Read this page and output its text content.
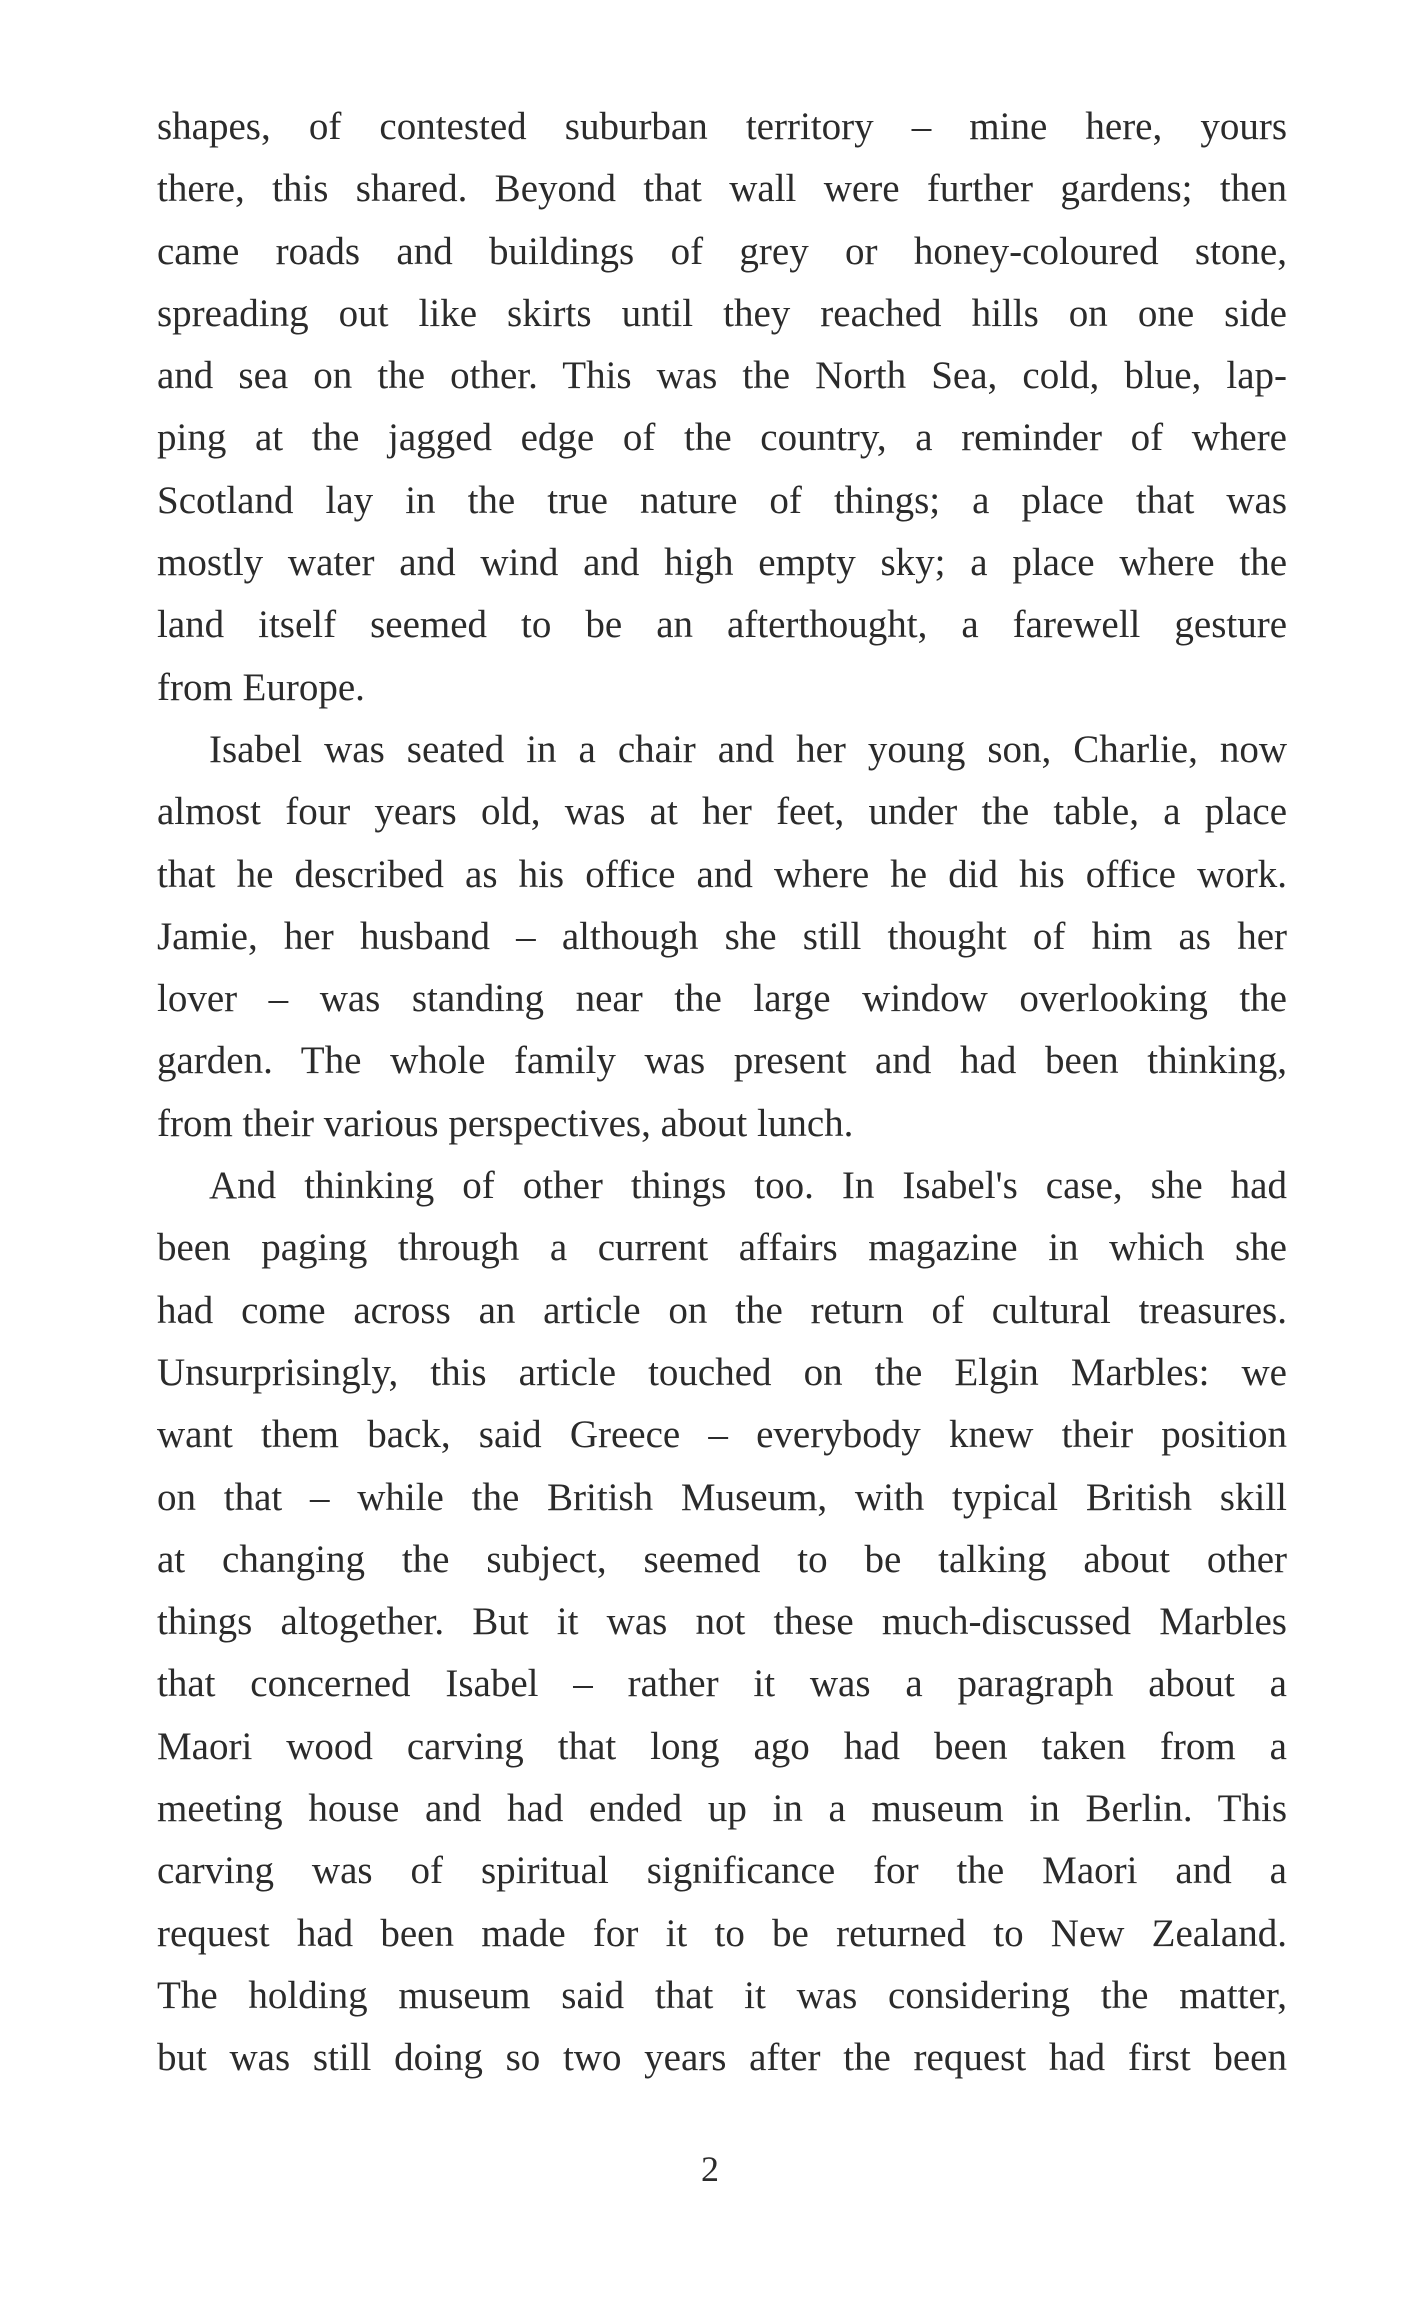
shapes, of contested suburban territory – mine here, yours
there, this shared. Beyond that wall were further gardens; then
came roads and buildings of grey or honey-coloured stone,
spreading out like skirts until they reached hills on one side
and sea on the other. This was the North Sea, cold, blue, lap-
ping at the jagged edge of the country, a reminder of where
Scotland lay in the true nature of things; a place that was
mostly water and wind and high empty sky; a place where the
land itself seemed to be an afterthought, a farewell gesture
from Europe.

Isabel was seated in a chair and her young son, Charlie, now
almost four years old, was at her feet, under the table, a place
that he described as his office and where he did his office work.
Jamie, her husband – although she still thought of him as her
lover – was standing near the large window overlooking the
garden. The whole family was present and had been thinking,
from their various perspectives, about lunch.

And thinking of other things too. In Isabel's case, she had
been paging through a current affairs magazine in which she
had come across an article on the return of cultural treasures.
Unsurprisingly, this article touched on the Elgin Marbles: we
want them back, said Greece – everybody knew their position
on that – while the British Museum, with typical British skill
at changing the subject, seemed to be talking about other
things altogether. But it was not these much-discussed Marbles
that concerned Isabel – rather it was a paragraph about a
Maori wood carving that long ago had been taken from a
meeting house and had ended up in a museum in Berlin. This
carving was of spiritual significance for the Maori and a
request had been made for it to be returned to New Zealand.
The holding museum said that it was considering the matter,
but was still doing so two years after the request had first been

2
